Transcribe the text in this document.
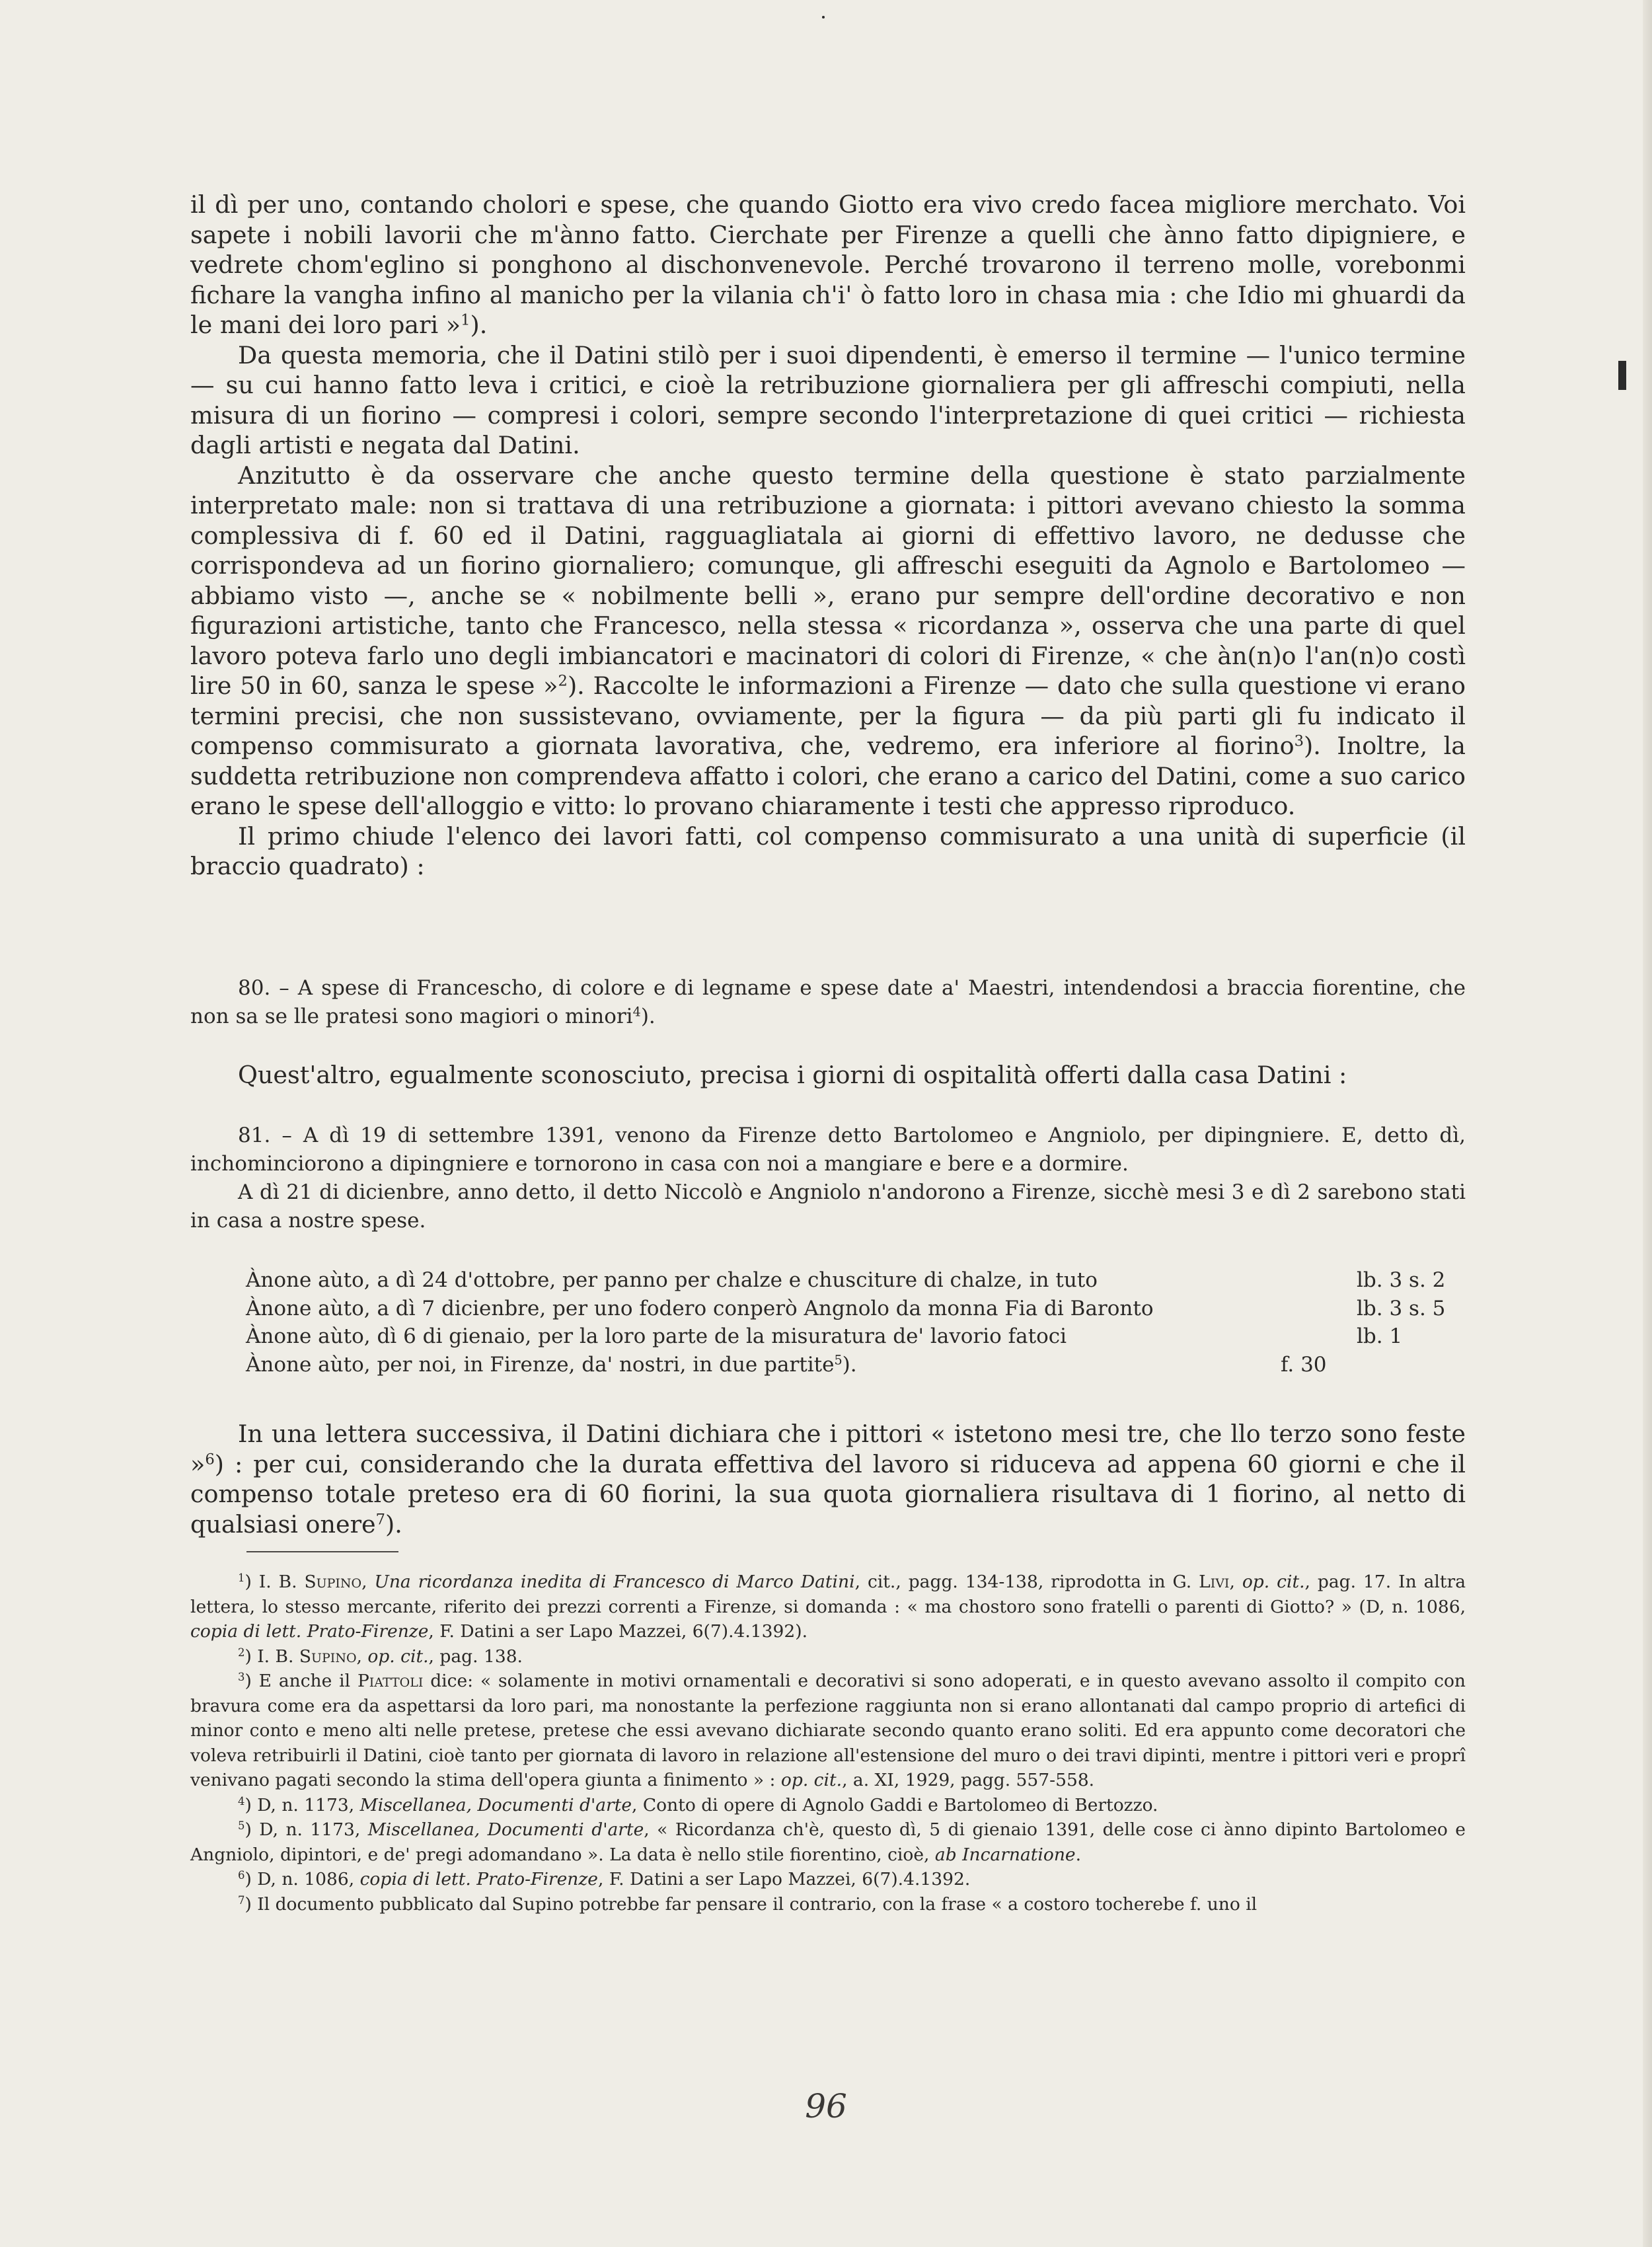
il dì per uno, contando cholori e spese, che quando Giotto era vivo credo facea migliore merchato. Voi sapete i nobili lavorii che m'ànno fatto. Cierchate per Firenze a quelli che ànno fatto dipigniere, e vedrete chom'eglino si ponghono al dischonvenevole. Perché trovarono il terreno molle, vorebonmi fichare la vangha infino al manicho per la vilania ch'i' ò fatto loro in chasa mia : che Idio mi ghuardi da le mani dei loro pari »$^1$).

Da questa memoria, che il Datini stilò per i suoi dipendenti, è emerso il termine — l'unico termine — su cui hanno fatto leva i critici, e cioè la retribuzione giornaliera per gli affreschi compiuti, nella misura di un fiorino — compresi i colori, sempre secondo l'interpretazione di quei critici — richiesta dagli artisti e negata dal Datini.

Anzitutto è da osservare che anche questo termine della questione è stato parzialmente interpretato male: non si trattava di una retribuzione a giornata: i pittori avevano chiesto la somma complessiva di f. 60 ed il Datini, ragguagliatala ai giorni di effettivo lavoro, ne dedusse che corrispondeva ad un fiorino giornaliero; comunque, gli affreschi eseguiti da Agnolo e Bartolomeo — abbiamo visto —, anche se « nobilmente belli », erano pur sempre dell'ordine decorativo e non figurazioni artistiche, tanto che Francesco, nella stessa « ricordanza », osserva che una parte di quel lavoro poteva farlo uno degli imbiancatori e macinatori di colori di Firenze, « che àn(n)o l'an(n)o costì lire 50 in 60, sanza le spese »$^2$). Raccolte le informazioni a Firenze — dato che sulla questione vi erano termini precisi, che non sussistevano, ovviamente, per la figura — da più parti gli fu indicato il compenso commisurato a giornata lavorativa, che, vedremo, era inferiore al fiorino$^3$). Inoltre, la suddetta retribuzione non comprendeva affatto i colori, che erano a carico del Datini, come a suo carico erano le spese dell'alloggio e vitto: lo provano chiaramente i testi che appresso riproduco.

Il primo chiude l'elenco dei lavori fatti, col compenso commisurato a una unità di superficie (il braccio quadrato) :

80. – A spese di Francescho, di colore e di legname e spese date a' Maestri, intendendosi a braccia fiorentine, che non sa se lle pratesi sono magiori o minori$^4$).

Quest'altro, egualmente sconosciuto, precisa i giorni di ospitalità offerti dalla casa Datini :

81. – A dì 19 di settembre 1391, venono da Firenze detto Bartolomeo e Angniolo, per dipingniere. E, detto dì, inchominciorono a dipingniere e tornorono in casa con noi a mangiare e bere e a dormire.

A dì 21 di dicienbre, anno detto, il detto Niccolò e Angniolo n'andorono a Firenze, sicchè mesi 3 e dì 2 sarebono stati in casa a nostre spese.

Ànone aùto, a dì 24 d'ottobre, per panno per chalze e chusciture di chalze, in tuto	lb. 3 s. 2
Ànone aùto, a dì 7 dicienbre, per uno fodero conperò Angnolo da monna Fia di Baronto	lb. 3 s. 5
Ànone aùto, dì 6 di gienaio, per la loro parte de la misuratura de' lavorio fatoci	lb. 1
Ànone aùto, per noi, in Firenze, da' nostri, in due partite$^5$).	f. 30

In una lettera successiva, il Datini dichiara che i pittori « istetono mesi tre, che llo terzo sono feste »$^6$) : per cui, considerando che la durata effettiva del lavoro si riduceva ad appena 60 giorni e che il compenso totale preteso era di 60 fiorini, la sua quota giornaliera risultava di 1 fiorino, al netto di qualsiasi onere$^7$).

$^1$) I. B. Supino, Una ricordanza inedita di Francesco di Marco Datini, cit., pagg. 134-138, riprodotta in G. Livi, op. cit., pag. 17. In altra lettera, lo stesso mercante, riferito dei prezzi correnti a Firenze, si domanda : « ma chostoro sono fratelli o parenti di Giotto? » (D, n. 1086, copia di lett. Prato-Firenze, F. Datini a ser Lapo Mazzei, 6(7).4.1392).

$^2$) I. B. Supino, op. cit., pag. 138.

$^3$) E anche il Piattoli dice: « solamente in motivi ornamentali e decorativi si sono adoperati, e in questo avevano assolto il compito con bravura come era da aspettarsi da loro pari, ma nonostante la perfezione raggiunta non si erano allontanati dal campo proprio di artefici di minor conto e meno alti nelle pretese, pretese che essi avevano dichiarate secondo quanto erano soliti. Ed era appunto come decoratori che voleva retribuirli il Datini, cioè tanto per giornata di lavoro in relazione all'estensione del muro o dei travi dipinti, mentre i pittori veri e proprî venivano pagati secondo la stima dell'opera giunta a finimento » : op. cit., a. XI, 1929, pagg. 557-558.

$^4$) D, n. 1173, Miscellanea, Documenti d'arte, Conto di opere di Agnolo Gaddi e Bartolomeo di Bertozzo.

$^5$) D, n. 1173, Miscellanea, Documenti d'arte, « Ricordanza ch'è, questo dì, 5 di gienaio 1391, delle cose ci ànno dipinto Bartolomeo e Angniolo, dipintori, e de' pregi adomandano ». La data è nello stile fiorentino, cioè, ab Incarnatione.

$^6$) D, n. 1086, copia di lett. Prato-Firenze, F. Datini a ser Lapo Mazzei, 6(7).4.1392.

$^7$) Il documento pubblicato dal Supino potrebbe far pensare il contrario, con la frase « a costoro tocherebe f. uno il

96
